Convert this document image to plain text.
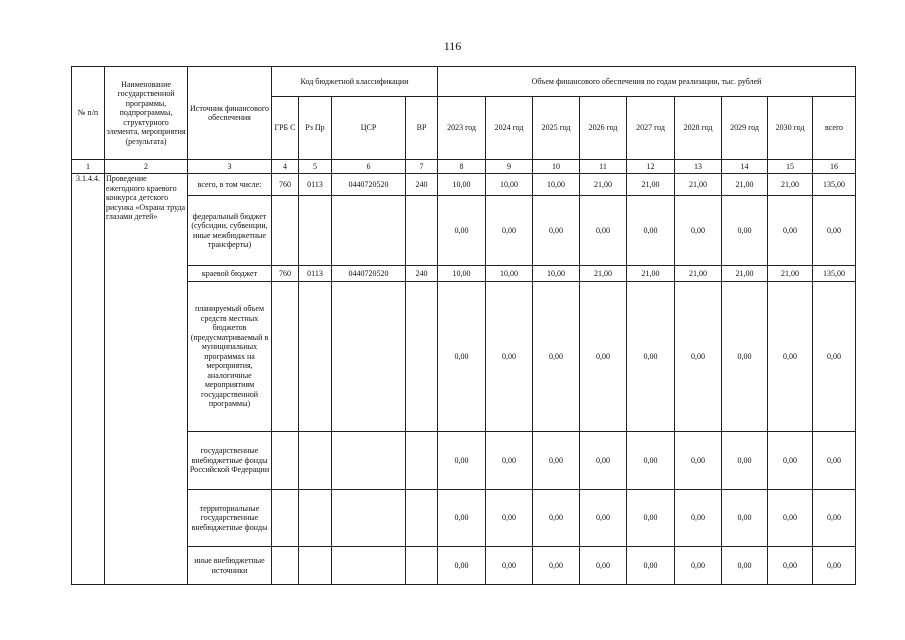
116
№ п/п	Наименование государственной программы, подпрограммы, структурного элемента, мероприятия (результата)	Источник финансового обеспечения	Код бюджетной классификации				Объем финансового обеспечения по годам реализации, тыс. рублей								
			ГРБ С	Рз Пр	ЦСР	ВР	2023 год	2024 год	2025 год	2026 год	2027 год	2028 год	2029 год	2030 год	всего
1	2	3	4	5	6	7	8	9	10	11	12	13	14	15	16
3.1.4.4.	Проведение ежегодного краевого конкурса детского рисунка «Охрана труда глазами детей»	всего, в том числе:	760	0113	0440720520	240	10,00	10,00	10,00	21,00	21,00	21,00	21,00	21,00	135,00
		федеральный бюджет (субсидии, субвенции, иные межбюджетные трансферты)					0,00	0,00	0,00	0,00	0,00	0,00	0,00	0,00	0,00
		краевой бюджет	760	0113	0440720520	240	10,00	10,00	10,00	21,00	21,00	21,00	21,00	21,00	135,00
		планируемый объем средств местных бюджетов (предусматриваемый в муниципальных программах на мероприятия, аналогичные мероприятиям государственной программы)					0,00	0,00	0,00	0,00	0,00	0,00	0,00	0,00	0,00
		государственные внебюджетные фонды Российской Федерации					0,00	0,00	0,00	0,00	0,00	0,00	0,00	0,00	0,00
		территориальные государственные внебюджетные фонды					0,00	0,00	0,00	0,00	0,00	0,00	0,00	0,00	0,00
		иные внебюджетные источники					0,00	0,00	0,00	0,00	0,00	0,00	0,00	0,00	0,00
